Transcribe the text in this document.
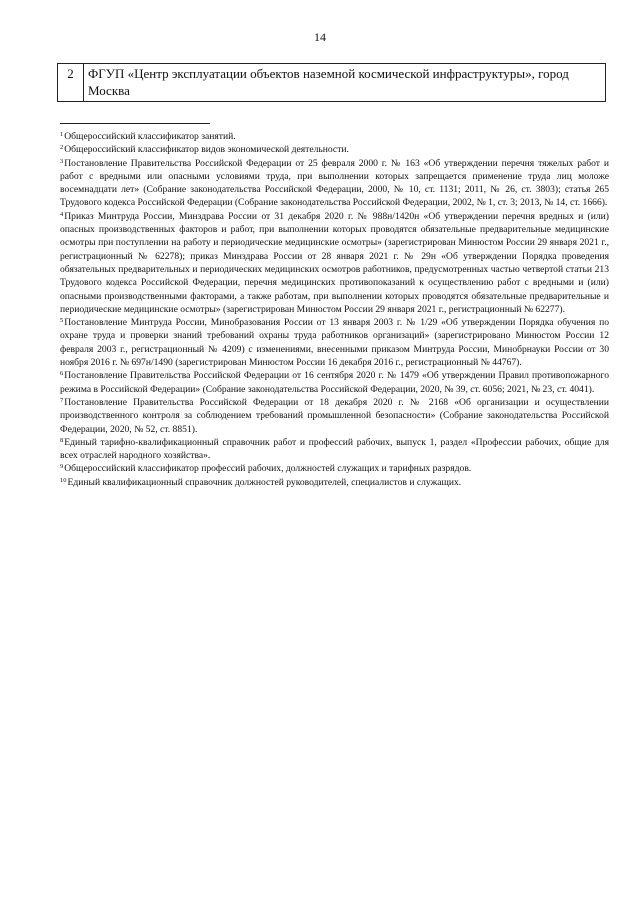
14
2	ФГУП «Центр эксплуатации объектов наземной космической инфраструктуры», город Москва

$^1$Общероссийский классификатор занятий.

$^2$Общероссийский классификатор видов экономической деятельности.

$^3$Постановление Правительства Российской Федерации от 25 февраля 2000 г. № 163 «Об утверждении перечня тяжелых работ и работ с вредными или опасными условиями труда, при выполнении которых запрещается применение труда лиц моложе восемнадцати лет» (Собрание законодательства Российской Федерации, 2000, № 10, ст. 1131; 2011, № 26, ст. 3803); статья 265 Трудового кодекса Российской Федерации (Собрание законодательства Российской Федерации, 2002, № 1, ст. 3; 2013, № 14, ст. 1666).

$^4$Приказ Минтруда России, Минздрава России от 31 декабря 2020 г. № 988н/1420н «Об утверждении перечня вредных и (или) опасных производственных факторов и работ, при выполнении которых проводятся обязательные предварительные медицинские осмотры при поступлении на работу и периодические медицинские осмотры» (зарегистрирован Минюстом России 29 января 2021 г., регистрационный № 62278); приказ Минздрава России от 28 января 2021 г. № 29н «Об утверждении Порядка проведения обязательных предварительных и периодических медицинских осмотров работников, предусмотренных частью четвертой статьи 213 Трудового кодекса Российской Федерации, перечня медицинских противопоказаний к осуществлению работ с вредными и (или) опасными производственными факторами, а также работам, при выполнении которых проводятся обязательные предварительные и периодические медицинские осмотры» (зарегистрирован Минюстом России 29 января 2021 г., регистрационный № 62277).

$^5$Постановление Минтруда России, Минобразования России от 13 января 2003 г. № 1/29 «Об утверждении Порядка обучения по охране труда и проверки знаний требований охраны труда работников организаций» (зарегистрировано Минюстом России 12 февраля 2003 г., регистрационный № 4209) с изменениями, внесенными приказом Минтруда России, Минобрнауки России от 30 ноября 2016 г. № 697н/1490 (зарегистрирован Минюстом России 16 декабря 2016 г., регистрационный № 44767).

$^6$Постановление Правительства Российской Федерации от 16 сентября 2020 г. № 1479 «Об утверждении Правил противопожарного режима в Российской Федерации» (Собрание законодательства Российской Федерации, 2020, № 39, ст. 6056; 2021, № 23, ст. 4041).

$^7$Постановление Правительства Российской Федерации от 18 декабря 2020 г. № 2168 «Об организации и осуществлении производственного контроля за соблюдением требований промышленной безопасности» (Собрание законодательства Российской Федерации, 2020, № 52, ст. 8851).

$^8$Единый тарифно-квалификационный справочник работ и профессий рабочих, выпуск 1, раздел «Профессии рабочих, общие для всех отраслей народного хозяйства».

$^9$Общероссийский классификатор профессий рабочих, должностей служащих и тарифных разрядов.

$^{10}$Единый квалификационный справочник должностей руководителей, специалистов и служащих.
